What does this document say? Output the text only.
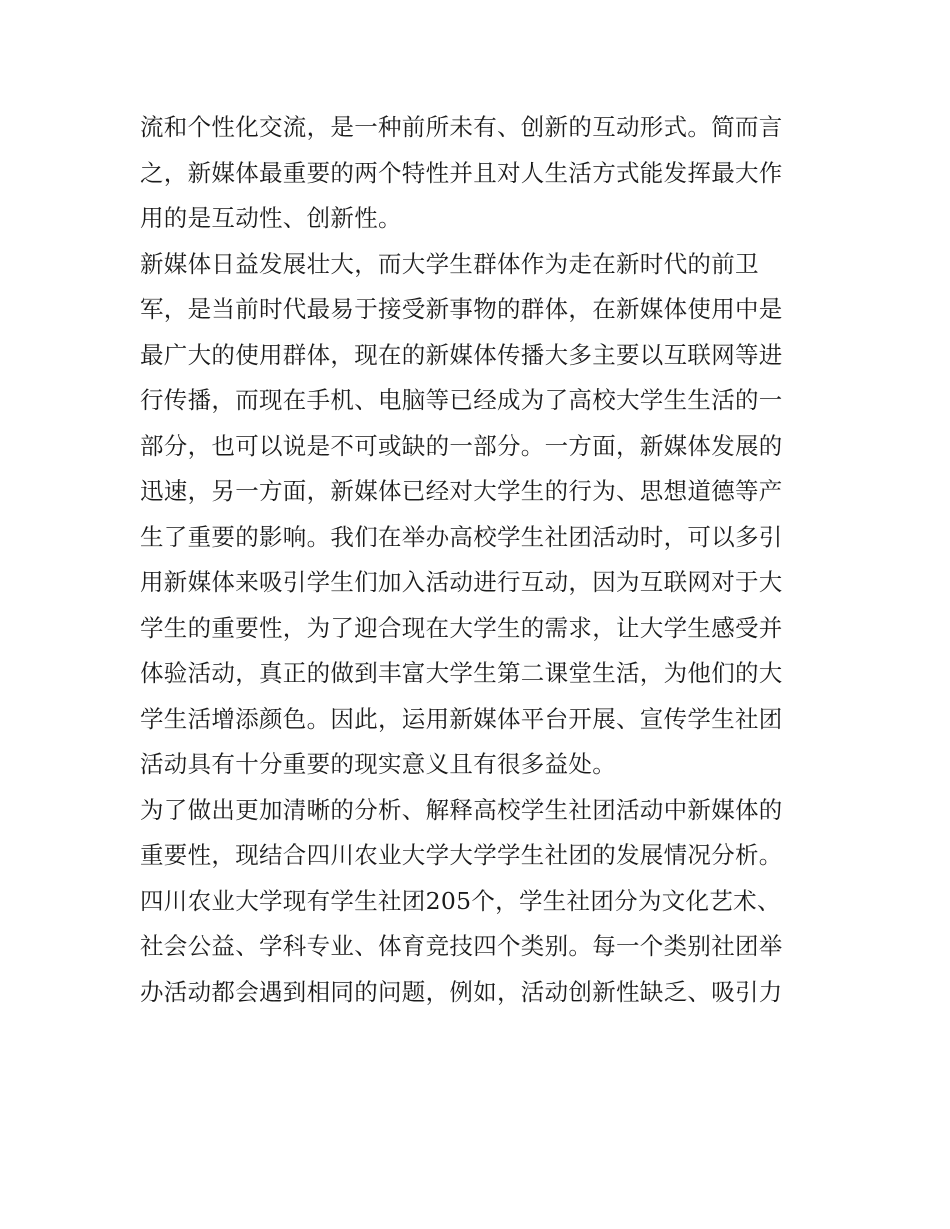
流和个性化交流，是一种前所未有、创新的互动形式。简而言
之，新媒体最重要的两个特性并且对人生活方式能发挥最大作
用的是互动性、创新性。
新媒体日益发展壮大，而大学生群体作为走在新时代的前卫
军，是当前时代最易于接受新事物的群体，在新媒体使用中是
最广大的使用群体，现在的新媒体传播大多主要以互联网等进
行传播，而现在手机、电脑等已经成为了高校大学生生活的一
部分，也可以说是不可或缺的一部分。一方面，新媒体发展的
迅速，另一方面，新媒体已经对大学生的行为、思想道德等产
生了重要的影响。我们在举办高校学生社团活动时，可以多引
用新媒体来吸引学生们加入活动进行互动，因为互联网对于大
学生的重要性，为了迎合现在大学生的需求，让大学生感受并
体验活动，真正的做到丰富大学生第二课堂生活，为他们的大
学生活增添颜色。因此，运用新媒体平台开展、宣传学生社团
活动具有十分重要的现实意义且有很多益处。
为了做出更加清晰的分析、解释高校学生社团活动中新媒体的
重要性，现结合四川农业大学大学学生社团的发展情况分析。
四川农业大学现有学生社团205个，学生社团分为文化艺术、
社会公益、学科专业、体育竞技四个类别。每一个类别社团举
办活动都会遇到相同的问题，例如，活动创新性缺乏、吸引力
